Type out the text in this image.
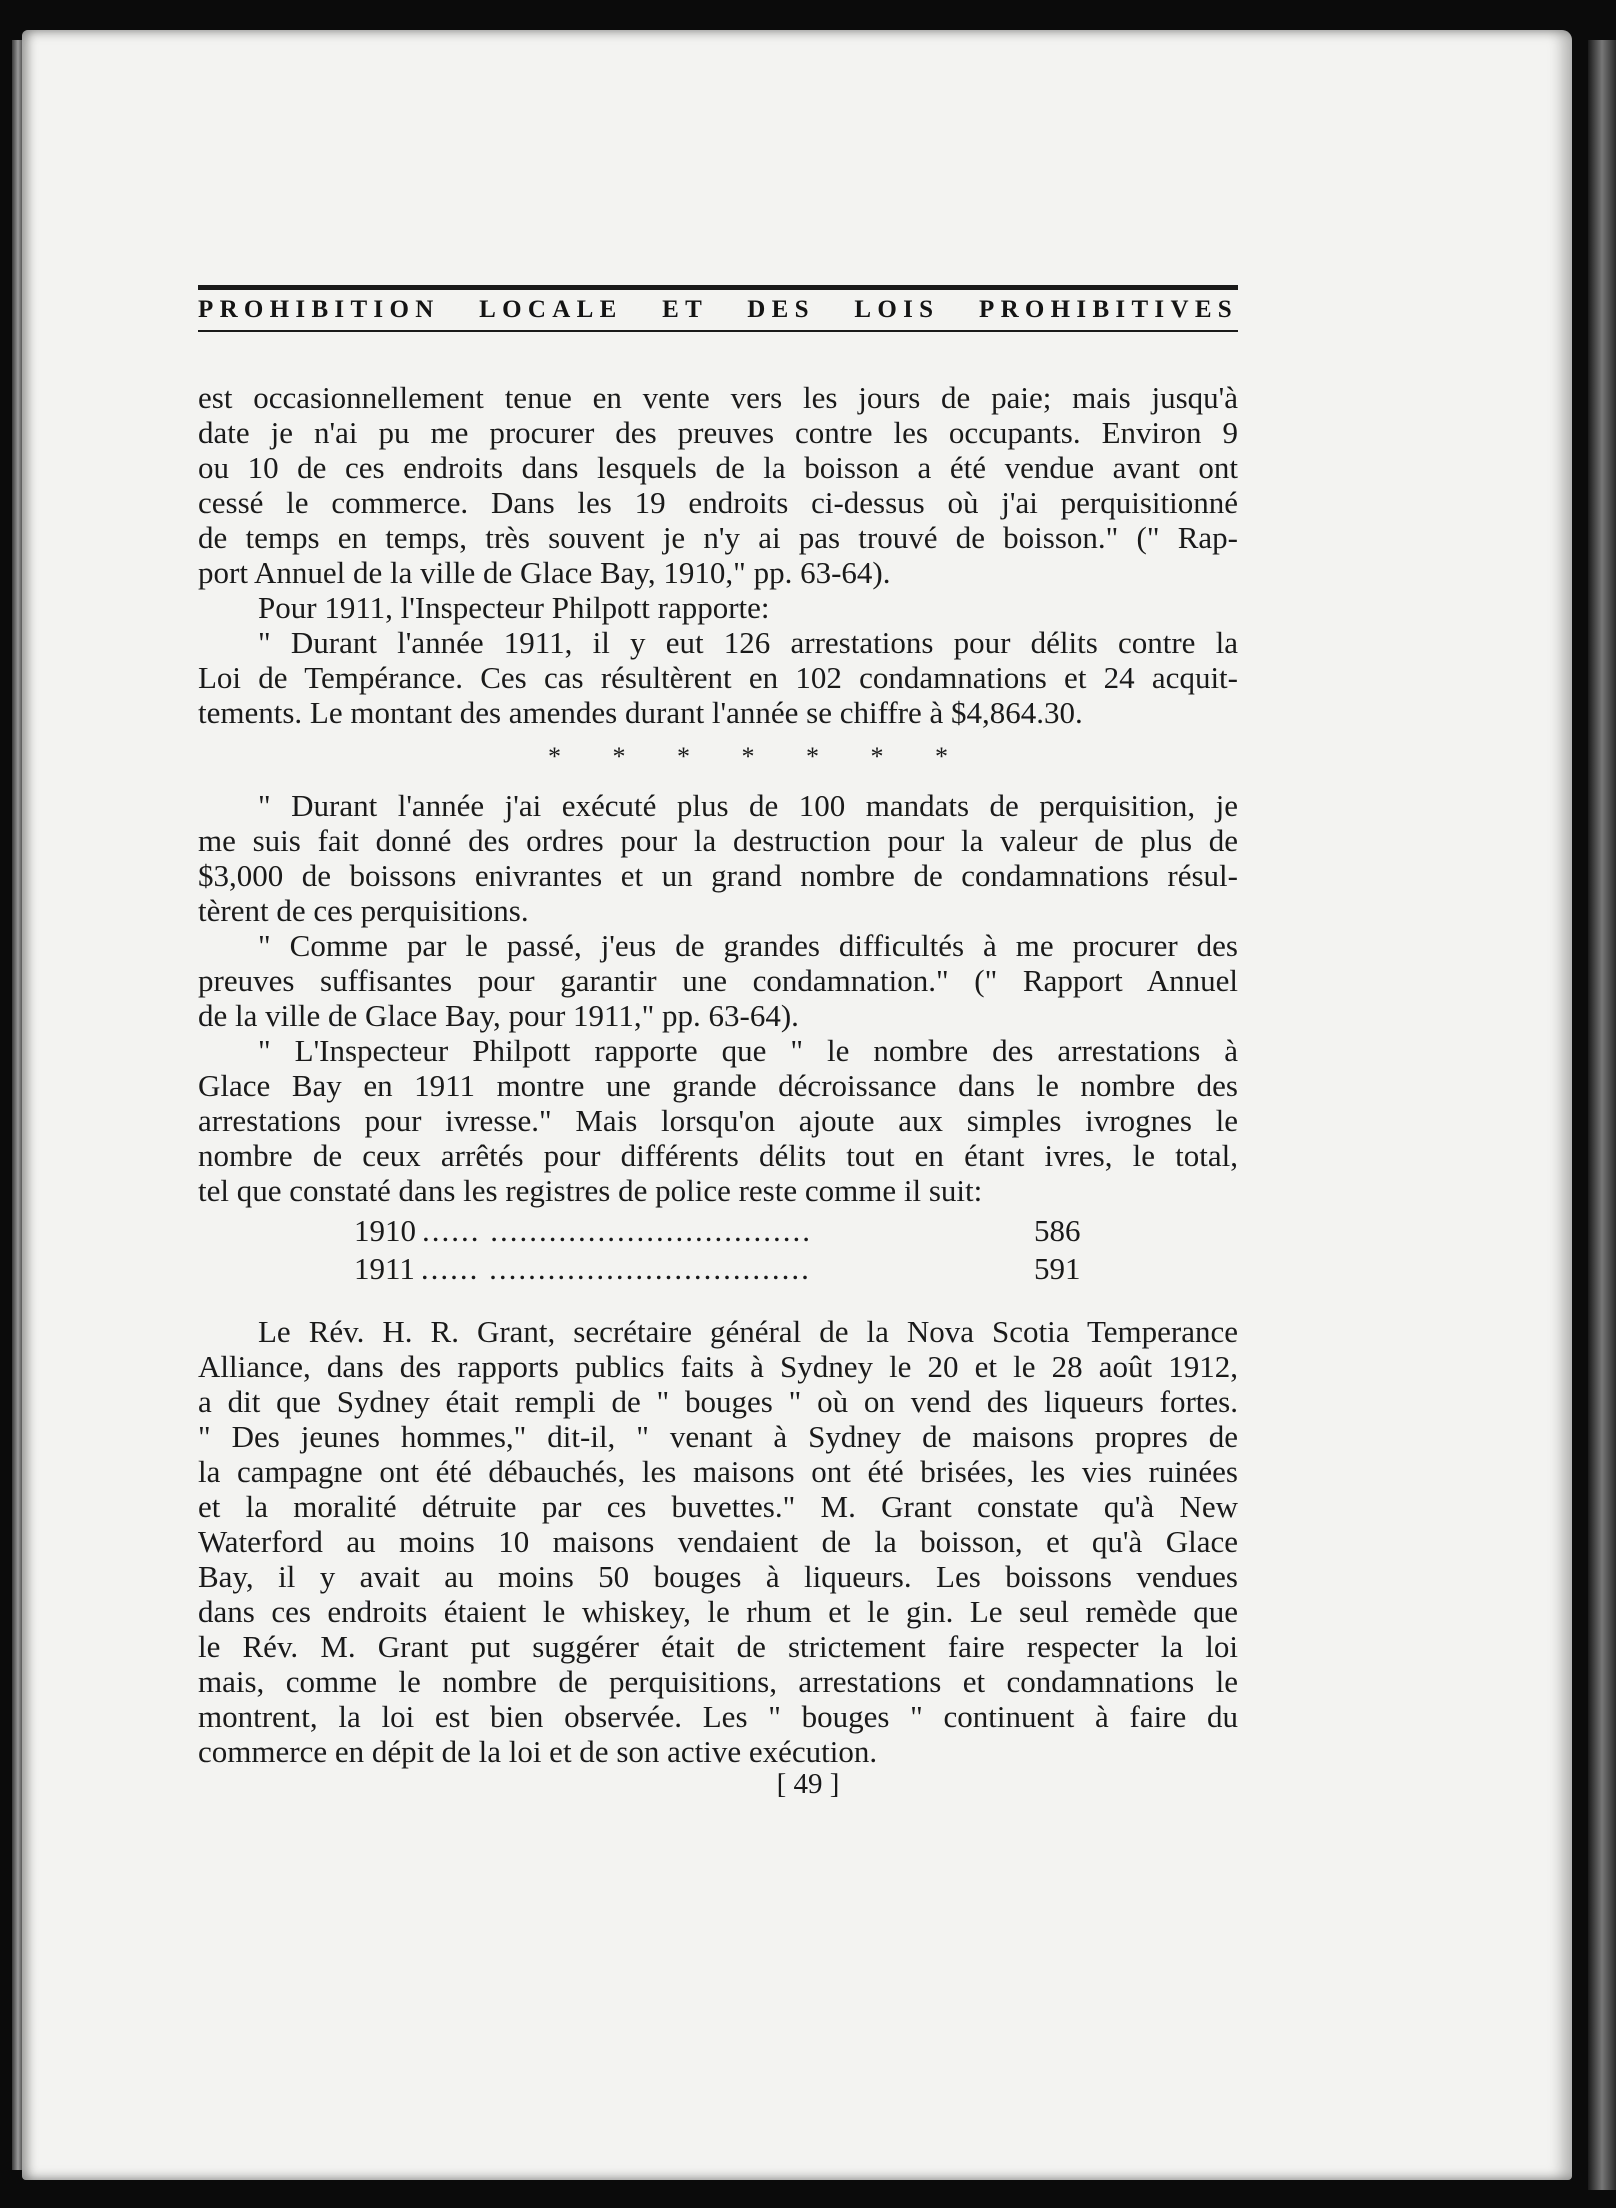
PROHIBITION LOCALE ET DES LOIS PROHIBITIVES
est occasionnellement tenue en vente vers les jours de paie; mais jusqu'à
date je n'ai pu me procurer des preuves contre les occupants. Environ 9
ou 10 de ces endroits dans lesquels de la boisson a été vendue avant ont
cessé le commerce. Dans les 19 endroits ci-dessus où j'ai perquisitionné
de temps en temps, très souvent je n'y ai pas trouvé de boisson." (" Rap-
port Annuel de la ville de Glace Bay, 1910," pp. 63-64).
Pour 1911, l'Inspecteur Philpott rapporte:
" Durant l'année 1911, il y eut 126 arrestations pour délits contre la
Loi de Tempérance. Ces cas résultèrent en 102 condamnations et 24 acquit-
tements. Le montant des amendes durant l'année se chiffre à $4,864.30.
* * * * * * *
" Durant l'année j'ai exécuté plus de 100 mandats de perquisition, je
me suis fait donné des ordres pour la destruction pour la valeur de plus de
$3,000 de boissons enivrantes et un grand nombre de condamnations résul-
tèrent de ces perquisitions.
" Comme par le passé, j'eus de grandes difficultés à me procurer des
preuves suffisantes pour garantir une condamnation." (" Rapport Annuel
de la ville de Glace Bay, pour 1911," pp. 63-64).
" L'Inspecteur Philpott rapporte que " le nombre des arrestations à
Glace Bay en 1911 montre une grande décroissance dans le nombre des
arrestations pour ivresse." Mais lorsqu'on ajoute aux simples ivrognes le
nombre de ceux arrêtés pour différents délits tout en étant ivres, le total,
tel que constaté dans les registres de police reste comme il suit:
1910 ...... .................................	586
1911 ...... .................................	591
Le Rév. H. R. Grant, secrétaire général de la Nova Scotia Temperance
Alliance, dans des rapports publics faits à Sydney le 20 et le 28 août 1912,
a dit que Sydney était rempli de " bouges " où on vend des liqueurs fortes.
" Des jeunes hommes," dit-il, " venant à Sydney de maisons propres de
la campagne ont été débauchés, les maisons ont été brisées, les vies ruinées
et la moralité détruite par ces buvettes." M. Grant constate qu'à New
Waterford au moins 10 maisons vendaient de la boisson, et qu'à Glace
Bay, il y avait au moins 50 bouges à liqueurs. Les boissons vendues
dans ces endroits étaient le whiskey, le rhum et le gin. Le seul remède que
le Rév. M. Grant put suggérer était de strictement faire respecter la loi
mais, comme le nombre de perquisitions, arrestations et condamnations le
montrent, la loi est bien observée. Les " bouges " continuent à faire du
commerce en dépit de la loi et de son active exécution.
[ 49 ]
